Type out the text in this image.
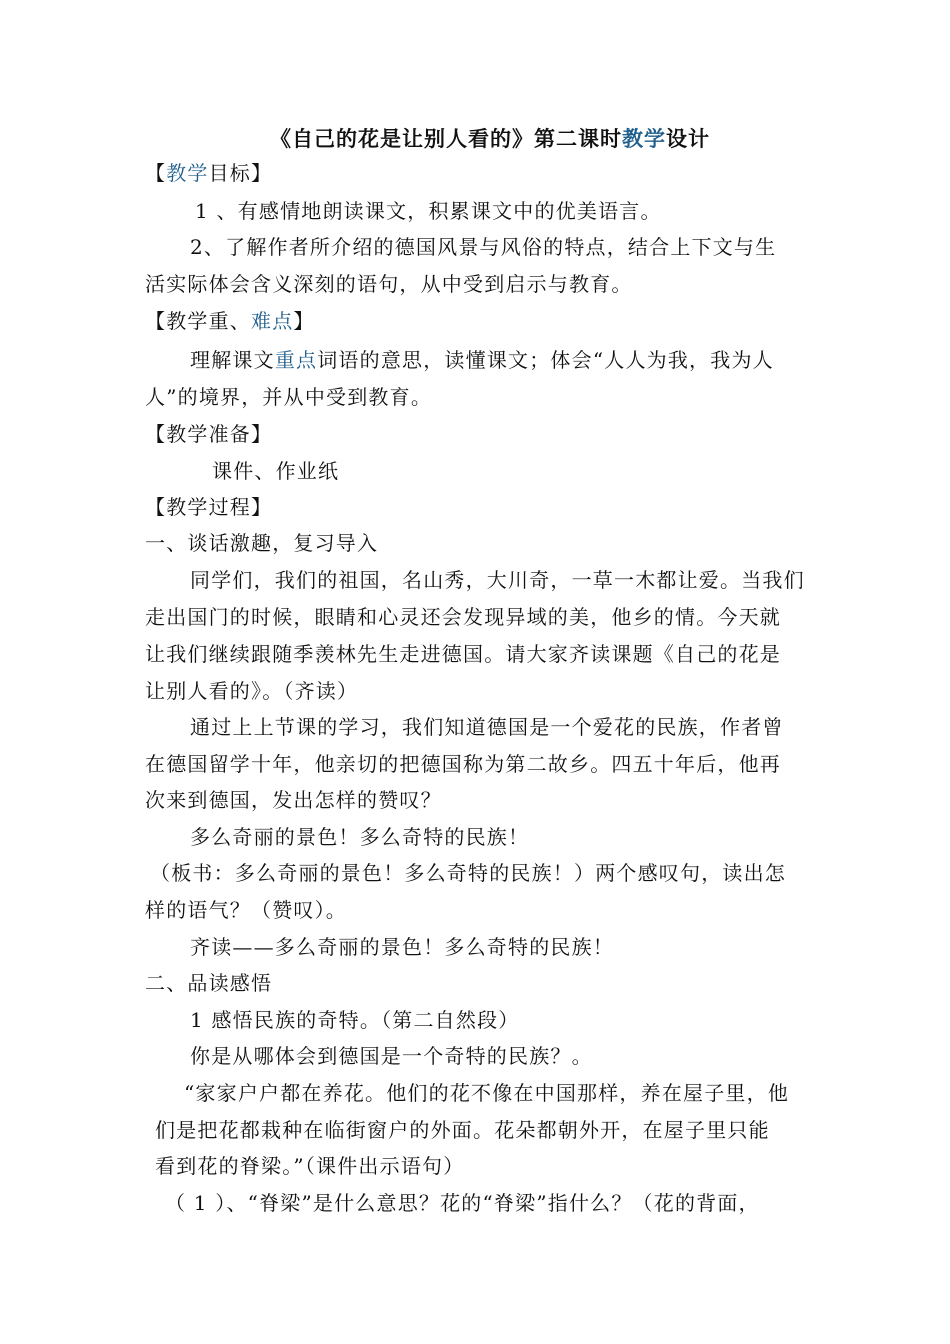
《自己的花是让别人看的》第二课时教学设计
【教学目标】
1 、有感情地朗读课文，积累课文中的优美语言。
2、了解作者所介绍的德国风景与风俗的特点，结合上下文与生
活实际体会含义深刻的语句，从中受到启示与教育。
【教学重、难点】
理解课文重点词语的意思，读懂课文；体会“人人为我，我为人
人”的境界，并从中受到教育。
【教学准备】
课件、作业纸
【教学过程】
一、谈话激趣，复习导入
同学们，我们的祖国，名山秀，大川奇，一草一木都让爱。当我们
走出国门的时候，眼睛和心灵还会发现异域的美，他乡的情。今天就
让我们继续跟随季羡林先生走进德国。请大家齐读课题《自己的花是
让别人看的》。（齐读）
通过上上节课的学习，我们知道德国是一个爱花的民族，作者曾
在德国留学十年，他亲切的把德国称为第二故乡。四五十年后，他再
次来到德国，发出怎样的赞叹？
多么奇丽的景色！多么奇特的民族！
（板书：多么奇丽的景色！多么奇特的民族！）两个感叹句，读出怎
样的语气？（赞叹）。
齐读——多么奇丽的景色！多么奇特的民族！
二、品读感悟
1 感悟民族的奇特。（第二自然段）
你是从哪体会到德国是一个奇特的民族？。
“家家户户都在养花。他们的花不像在中国那样，养在屋子里，他
们是把花都栽种在临街窗户的外面。花朵都朝外开，在屋子里只能
看到花的脊梁。”（课件出示语句）
（ 1 ）、“脊梁”是什么意思？花的“脊梁”指什么？（花的背面，
